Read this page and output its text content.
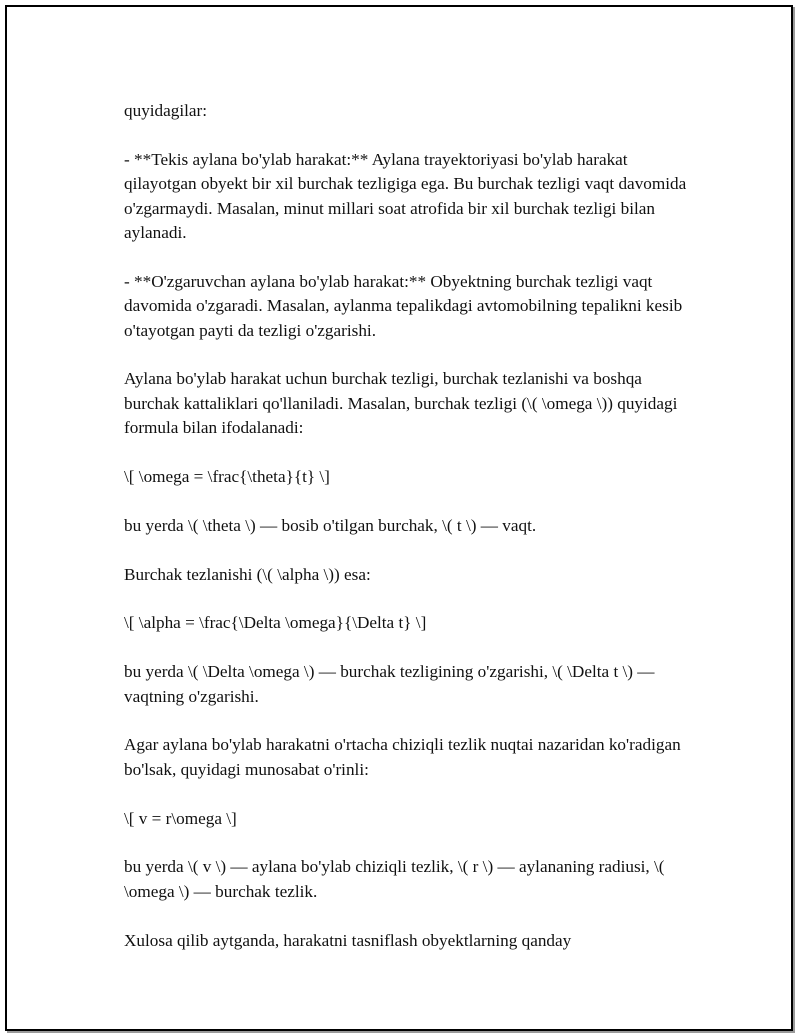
quyidagilar:

- **Tekis aylana bo'ylab harakat:** Aylana trayektoriyasi bo'ylab harakat qilayotgan obyekt bir xil burchak tezligiga ega. Bu burchak tezligi vaqt davomida o'zgarmaydi. Masalan, minut millari soat atrofida bir xil burchak tezligi bilan aylanadi.

- **O'zgaruvchan aylana bo'ylab harakat:** Obyektning burchak tezligi vaqt davomida o'zgaradi. Masalan, aylanma tepalikdagi avtomobilning tepalikni kesib o'tayotgan payti da tezligi o'zgarishi.

Aylana bo'ylab harakat uchun burchak tezligi, burchak tezlanishi va boshqa burchak kattaliklari qo'llaniladi. Masalan, burchak tezligi (\( \omega \)) quyidagi formula bilan ifodalanadi:

\[ \omega = \frac{\theta}{t} \]

bu yerda \( \theta \) — bosib o'tilgan burchak, \( t \) — vaqt.

Burchak tezlanishi (\( \alpha \)) esa:

\[ \alpha = \frac{\Delta \omega}{\Delta t} \]

bu yerda \( \Delta \omega \) — burchak tezligining o'zgarishi, \( \Delta t \) — vaqtning o'zgarishi.

Agar aylana bo'ylab harakatni o'rtacha chiziqli tezlik nuqtai nazaridan ko'radigan bo'lsak, quyidagi munosabat o'rinli:

\[ v = r\omega \]

bu yerda \( v \) — aylana bo'ylab chiziqli tezlik, \( r \) — aylananing radiusi, \( \omega \) — burchak tezlik.

Xulosa qilib aytganda, harakatni tasniflash obyektlarning qanday
